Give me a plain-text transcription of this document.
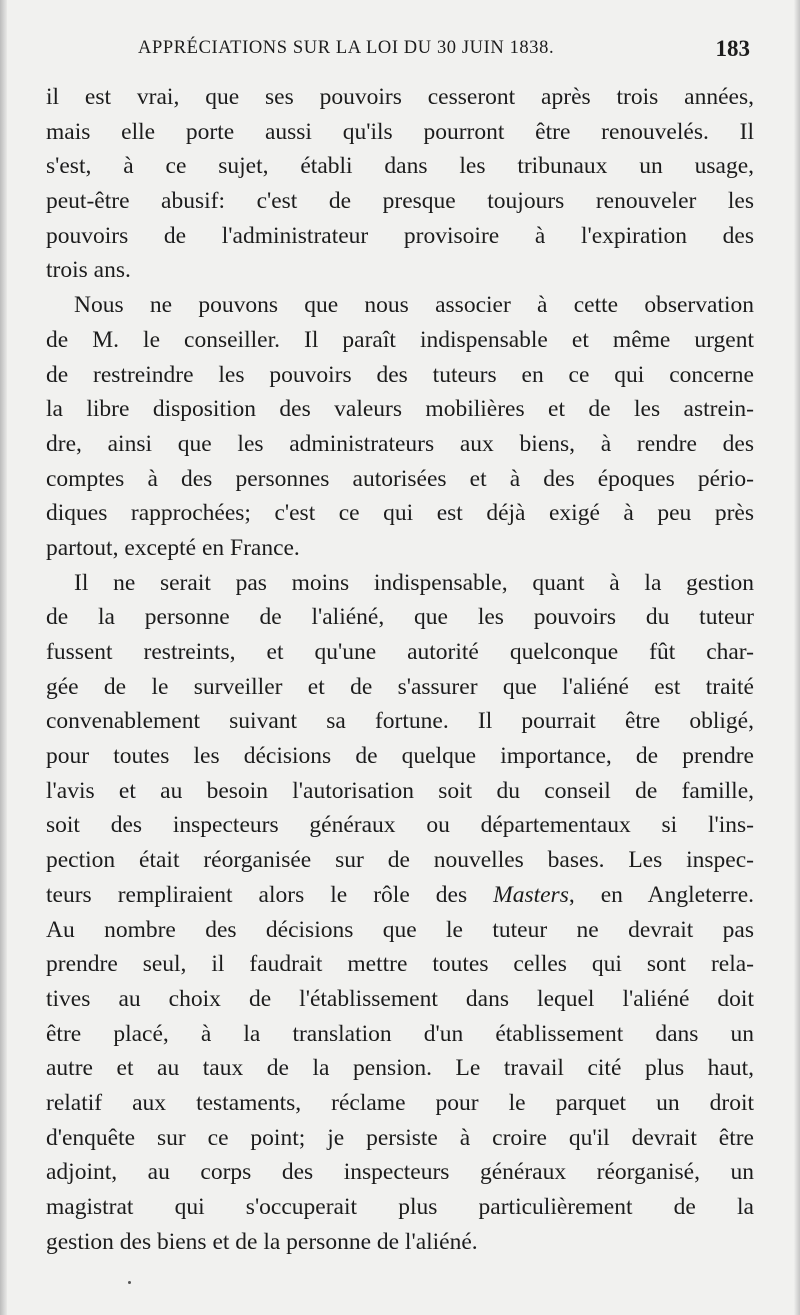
APPRÉCIATIONS SUR LA LOI DU 30 JUIN 1838.	183
il est vrai, que ses pouvoirs cesseront après trois années,
mais elle porte aussi qu'ils pourront être renouvelés. Il
s'est, à ce sujet, établi dans les tribunaux un usage,
peut-être abusif: c'est de presque toujours renouveler les
pouvoirs de l'administrateur provisoire à l'expiration des
trois ans.
Nous ne pouvons que nous associer à cette observation
de M. le conseiller. Il paraît indispensable et même urgent
de restreindre les pouvoirs des tuteurs en ce qui concerne
la libre disposition des valeurs mobilières et de les astrein-
dre, ainsi que les administrateurs aux biens, à rendre des
comptes à des personnes autorisées et à des époques pério-
diques rapprochées; c'est ce qui est déjà exigé à peu près
partout, excepté en France.
Il ne serait pas moins indispensable, quant à la gestion
de la personne de l'aliéné, que les pouvoirs du tuteur
fussent restreints, et qu'une autorité quelconque fût char-
gée de le surveiller et de s'assurer que l'aliéné est traité
convenablement suivant sa fortune. Il pourrait être obligé,
pour toutes les décisions de quelque importance, de prendre
l'avis et au besoin l'autorisation soit du conseil de famille,
soit des inspecteurs généraux ou départementaux si l'ins-
pection était réorganisée sur de nouvelles bases. Les inspec-
teurs rempliraient alors le rôle des Masters, en Angleterre.
Au nombre des décisions que le tuteur ne devrait pas
prendre seul, il faudrait mettre toutes celles qui sont rela-
tives au choix de l'établissement dans lequel l'aliéné doit
être placé, à la translation d'un établissement dans un
autre et au taux de la pension. Le travail cité plus haut,
relatif aux testaments, réclame pour le parquet un droit
d'enquête sur ce point; je persiste à croire qu'il devrait être
adjoint, au corps des inspecteurs généraux réorganisé, un
magistrat qui s'occuperait plus particulièrement de la
gestion des biens et de la personne de l'aliéné.
